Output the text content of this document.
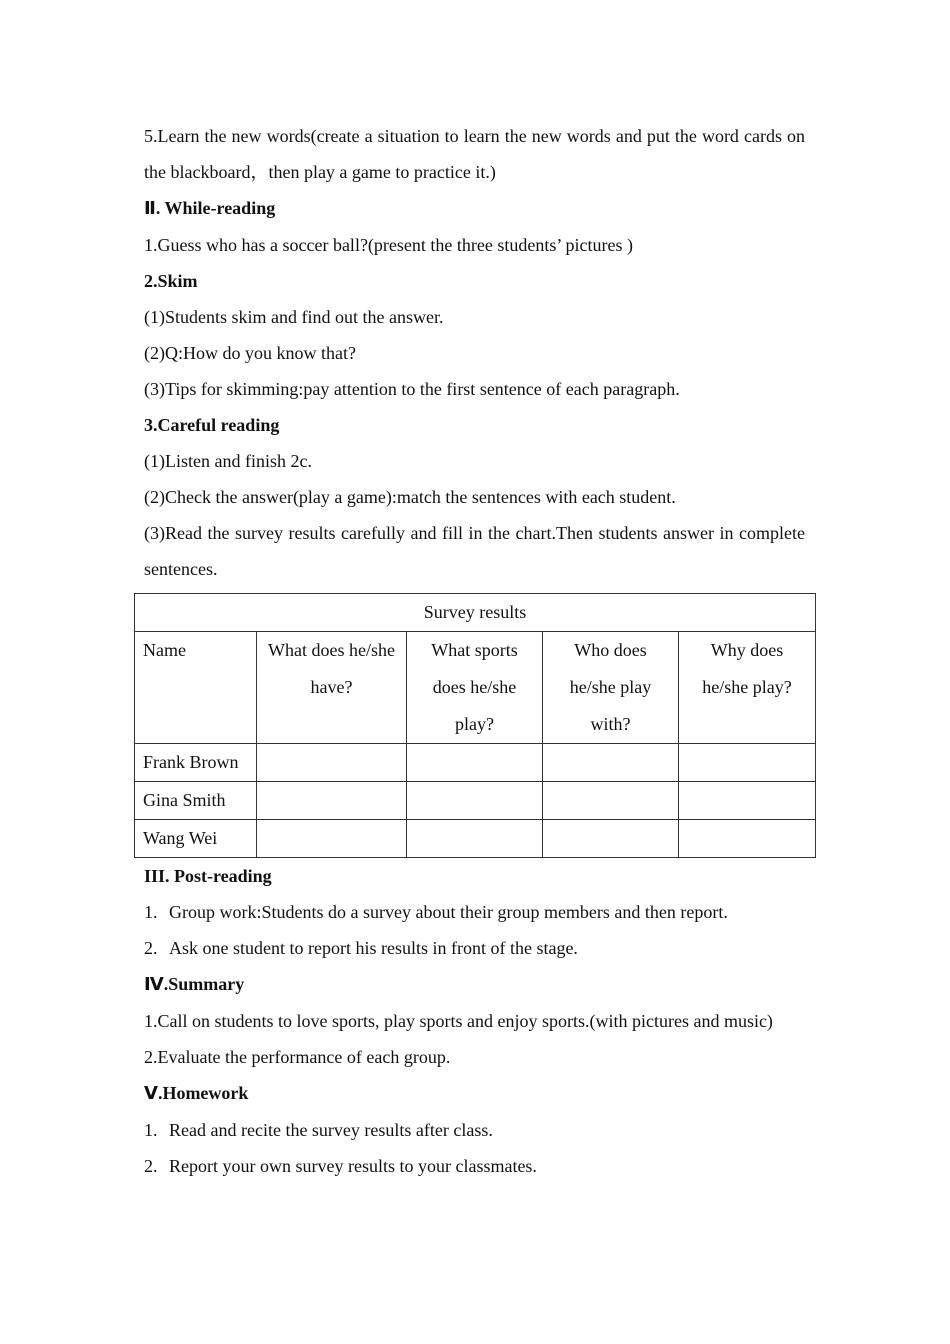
5.Learn the new words(create a situation to learn the new words and put the word cards on the blackboard，then play a game to practice it.)

Ⅱ. While-reading

1.Guess who has a soccer ball?(present the three students’ pictures )

2.Skim

(1)Students skim and find out the answer.

(2)Q:How do you know that?

(3)Tips for skimming:pay attention to the first sentence of each paragraph.

3.Careful reading

(1)Listen and finish 2c.

(2)Check the answer(play a game):match the sentences with each student.

(3)Read the survey results carefully and fill in the chart.Then students answer in complete sentences.

Survey results				
Name	What does he/she have?	What sports does he/she play?	Who does he/she play with?	Why does he/she play?
Frank Brown				
Gina Smith				
Wang Wei				

III. Post-reading

1. Group work:Students do a survey about their group members and then report.

2. Ask one student to report his results in front of the stage.

Ⅳ.Summary

1.Call on students to love sports, play sports and enjoy sports.(with pictures and music)

2.Evaluate the performance of each group.

Ⅴ.Homework

1. Read and recite the survey results after class.

2. Report your own survey results to your classmates.
